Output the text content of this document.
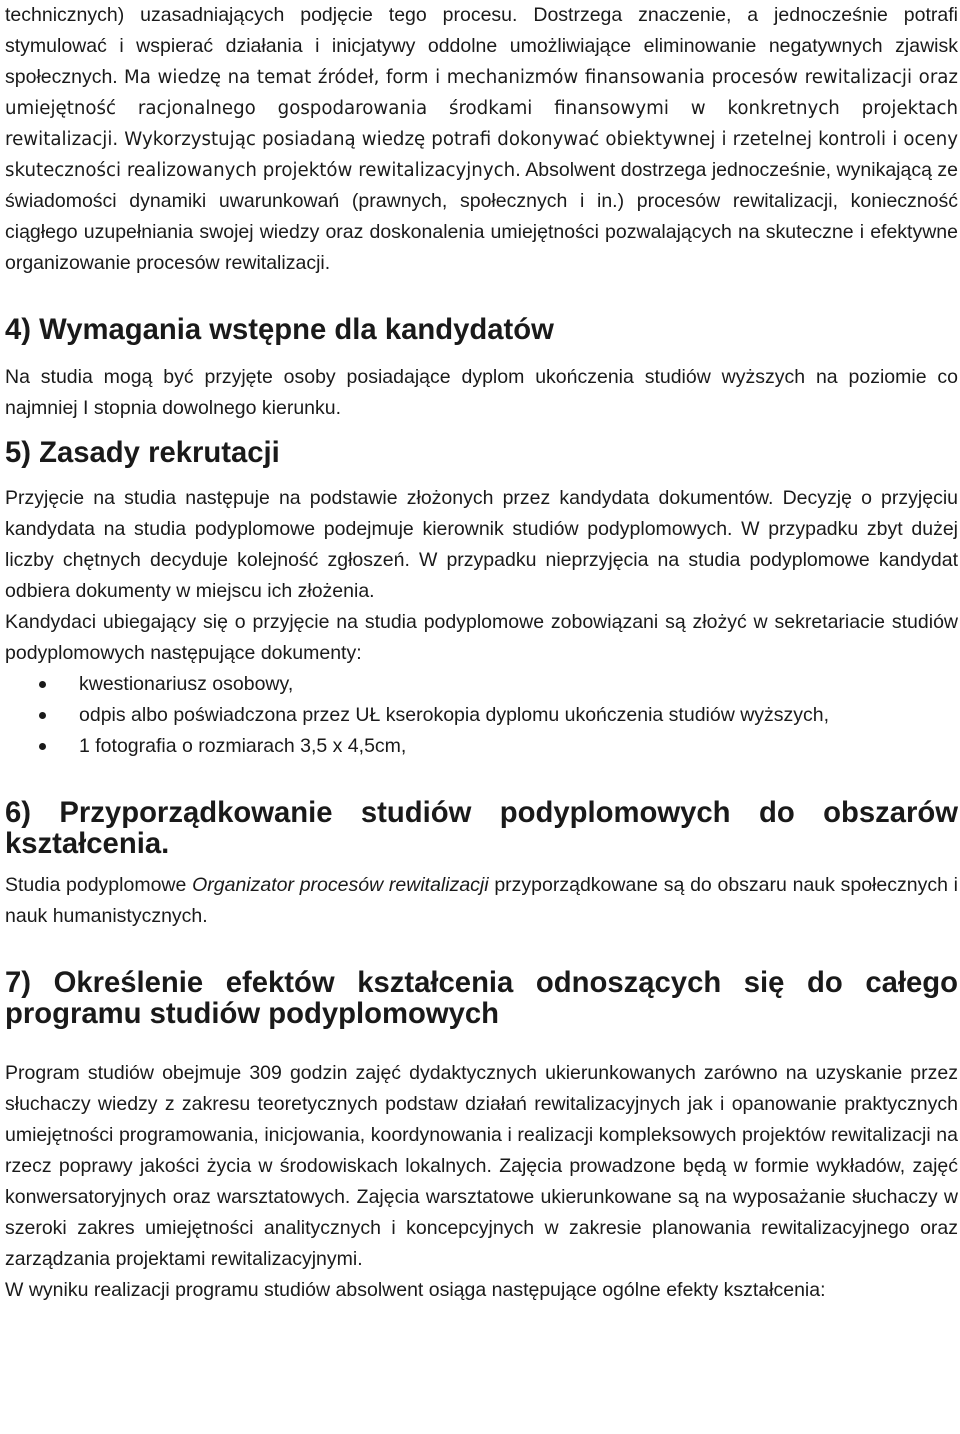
technicznych) uzasadniających podjęcie tego procesu. Dostrzega znaczenie, a jednocześnie potrafi stymulować i wspierać działania i inicjatywy oddolne umożliwiające eliminowanie negatywnych zjawisk społecznych. Ma wiedzę na temat źródeł, form i mechanizmów finansowania procesów rewitalizacji oraz umiejętność racjonalnego gospodarowania środkami finansowymi w konkretnych projektach rewitalizacji. Wykorzystując posiadaną wiedzę potrafi dokonywać obiektywnej i rzetelnej kontroli i oceny skuteczności realizowanych projektów rewitalizacyjnych. Absolwent dostrzega jednocześnie, wynikającą ze świadomości dynamiki uwarunkowań (prawnych, społecznych i in.) procesów rewitalizacji, konieczność ciągłego uzupełniania swojej wiedzy oraz doskonalenia umiejętności pozwalających na skuteczne i efektywne organizowanie procesów rewitalizacji.

4) Wymagania wstępne dla kandydatów

Na studia mogą być przyjęte osoby posiadające dyplom ukończenia studiów wyższych na poziomie co najmniej I stopnia dowolnego kierunku.

5) Zasady rekrutacji

Przyjęcie na studia następuje na podstawie złożonych przez kandydata dokumentów. Decyzję o przyjęciu kandydata na studia podyplomowe podejmuje kierownik studiów podyplomowych. W przypadku zbyt dużej liczby chętnych decyduje kolejność zgłoszeń. W przypadku nieprzyjęcia na studia podyplomowe kandydat odbiera dokumenty w miejscu ich złożenia.

Kandydaci ubiegający się o przyjęcie na studia podyplomowe zobowiązani są złożyć w sekretariacie studiów podyplomowych następujące dokumenty:

kwestionariusz osobowy,
odpis albo poświadczona przez UŁ kserokopia dyplomu ukończenia studiów wyższych,
1 fotografia o rozmiarach 3,5 x 4,5cm,
6) Przyporządkowanie studiów podyplomowych do obszarów kształcenia.

Studia podyplomowe Organizator procesów rewitalizacji przyporządkowane są do obszaru nauk społecznych i nauk humanistycznych.

7) Określenie efektów kształcenia odnoszących się do całego programu studiów podyplomowych

Program studiów obejmuje 309 godzin zajęć dydaktycznych ukierunkowanych zarówno na uzyskanie przez słuchaczy wiedzy z zakresu teoretycznych podstaw działań rewitalizacyjnych jak i opanowanie praktycznych umiejętności programowania, inicjowania, koordynowania i realizacji kompleksowych projektów rewitalizacji na rzecz poprawy jakości życia w środowiskach lokalnych. Zajęcia prowadzone będą w formie wykładów, zajęć konwersatoryjnych oraz warsztatowych. Zajęcia warsztatowe ukierunkowane są na wyposażanie słuchaczy w szeroki zakres umiejętności analitycznych i koncepcyjnych w zakresie planowania rewitalizacyjnego oraz zarządzania projektami rewitalizacyjnymi.

W wyniku realizacji programu studiów absolwent osiąga następujące ogólne efekty kształcenia:
